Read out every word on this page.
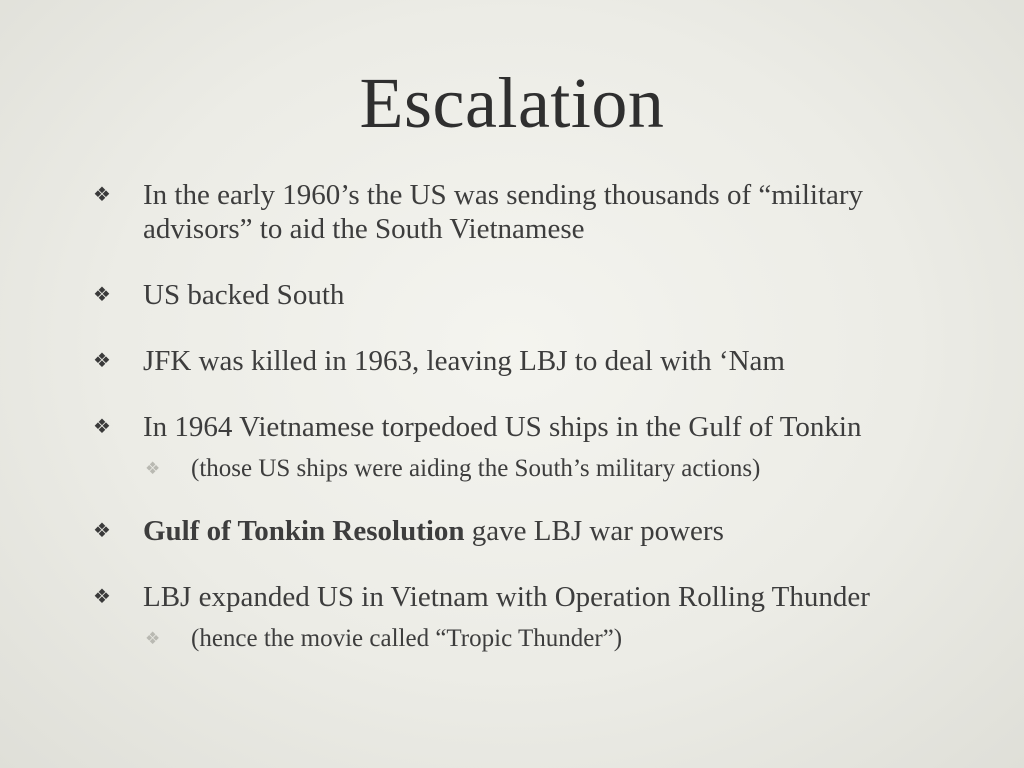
Escalation
❖	In the early 1960’s the US was sending thousands of “military advisors” to aid the South Vietnamese
❖	US backed South
❖	JFK was killed in 1963, leaving LBJ to deal with ‘Nam
❖	In 1964 Vietnamese torpedoed US ships in the Gulf of Tonkin
❖	(those US ships were aiding the South’s military actions)
❖	Gulf of Tonkin Resolution gave LBJ war powers
❖	LBJ expanded US in Vietnam with Operation Rolling Thunder
❖	(hence the movie called “Tropic Thunder”)
